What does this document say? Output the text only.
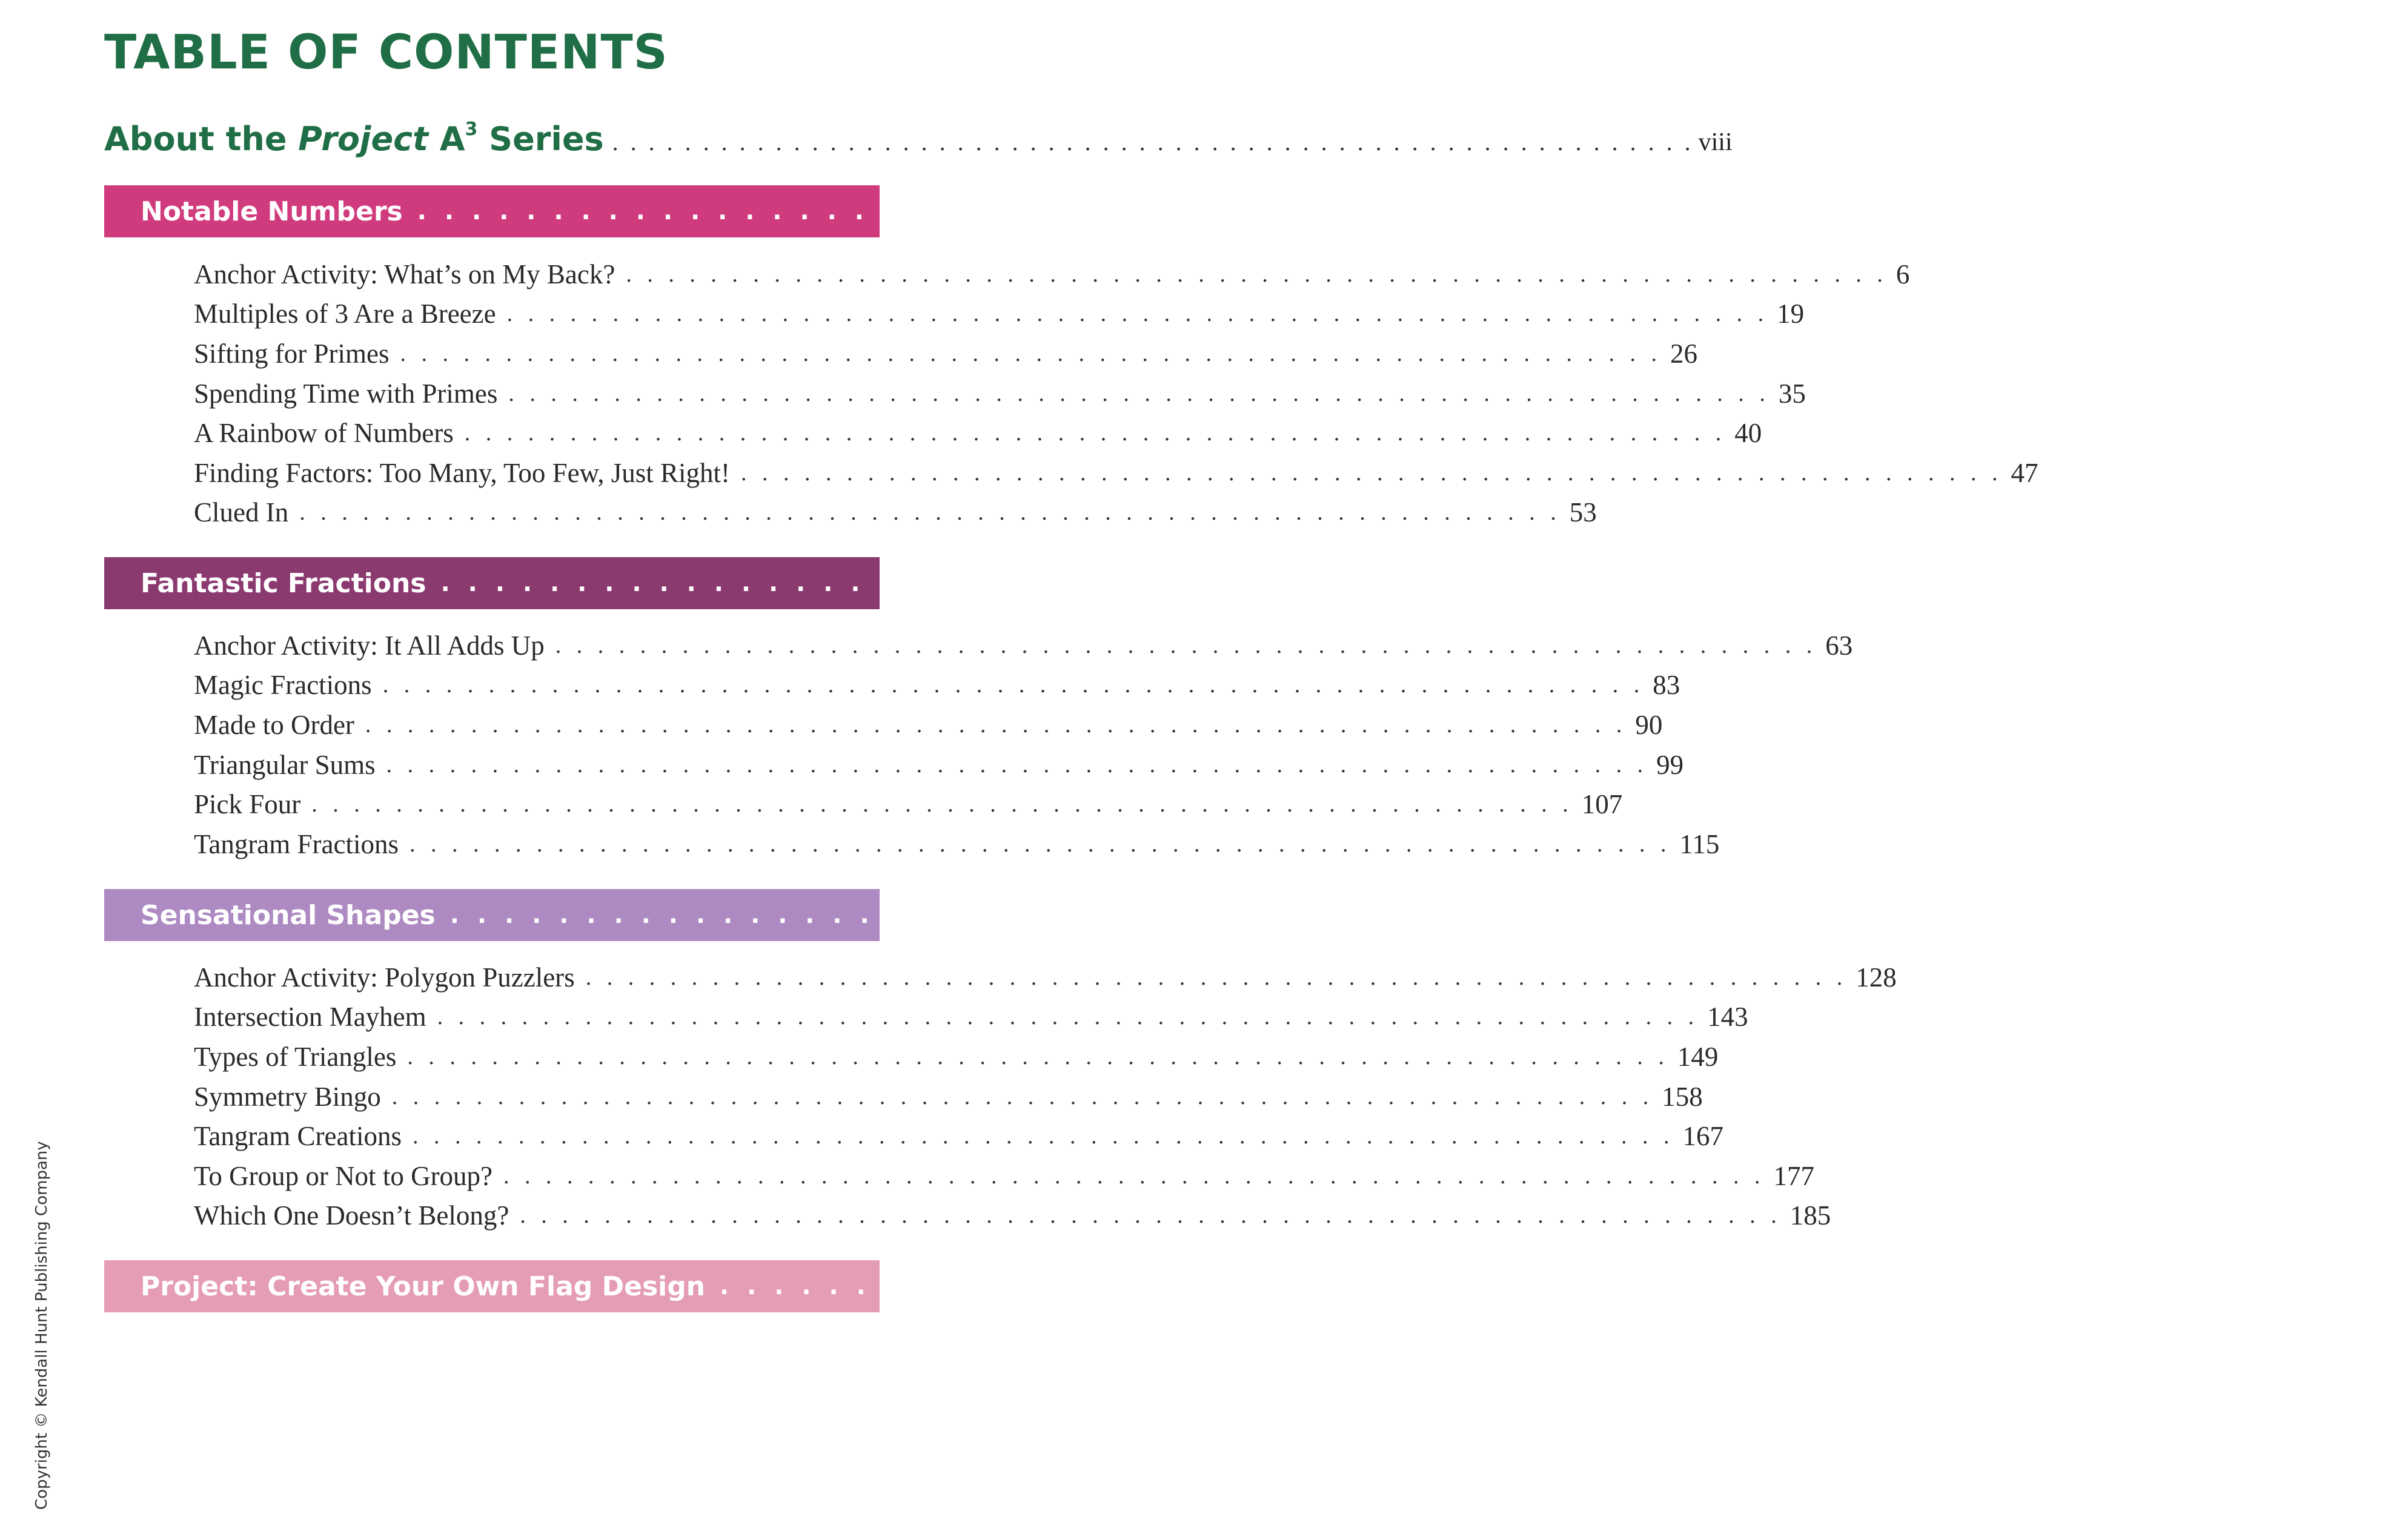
TABLE OF CONTENTS
About the Project $A^3$ Series . . . . . . . . . . . . . . . . . . . . . . . . . . . . . . . . . . . . . . . . . . . . . . . . . . . . . . . . . . . . viii
Notable Numbers . . . . . . . . . . . . . . . . . . . . . . . . . . . . . . . . . . . . . . . . . . . . . . . . . . . . . . . . . . . . 1
Anchor Activity: What’s on My Back? . . . . . . . . . . . . . . . . . . . . . . . . . . . . . . . . . . . . . . . . . . . . . . . . . . . . . . . . . . . . 6
Multiples of 3 Are a Breeze . . . . . . . . . . . . . . . . . . . . . . . . . . . . . . . . . . . . . . . . . . . . . . . . . . . . . . . . . . . . 19
Sifting for Primes . . . . . . . . . . . . . . . . . . . . . . . . . . . . . . . . . . . . . . . . . . . . . . . . . . . . . . . . . . . . 26
Spending Time with Primes . . . . . . . . . . . . . . . . . . . . . . . . . . . . . . . . . . . . . . . . . . . . . . . . . . . . . . . . . . . . 35
A Rainbow of Numbers . . . . . . . . . . . . . . . . . . . . . . . . . . . . . . . . . . . . . . . . . . . . . . . . . . . . . . . . . . . . 40
Finding Factors: Too Many, Too Few, Just Right! . . . . . . . . . . . . . . . . . . . . . . . . . . . . . . . . . . . . . . . . . . . . . . . . . . . . . . . . . . . . 47
Clued In . . . . . . . . . . . . . . . . . . . . . . . . . . . . . . . . . . . . . . . . . . . . . . . . . . . . . . . . . . . . 53
Fantastic Fractions . . . . . . . . . . . . . . . . . . . . . . . . . . . . . . . . . . . . . . . . . . . . . . . . . . . . . . . . . . . . 59
Anchor Activity: It All Adds Up . . . . . . . . . . . . . . . . . . . . . . . . . . . . . . . . . . . . . . . . . . . . . . . . . . . . . . . . . . . . 63
Magic Fractions . . . . . . . . . . . . . . . . . . . . . . . . . . . . . . . . . . . . . . . . . . . . . . . . . . . . . . . . . . . . 83
Made to Order . . . . . . . . . . . . . . . . . . . . . . . . . . . . . . . . . . . . . . . . . . . . . . . . . . . . . . . . . . . . 90
Triangular Sums . . . . . . . . . . . . . . . . . . . . . . . . . . . . . . . . . . . . . . . . . . . . . . . . . . . . . . . . . . . . 99
Pick Four . . . . . . . . . . . . . . . . . . . . . . . . . . . . . . . . . . . . . . . . . . . . . . . . . . . . . . . . . . . . 107
Tangram Fractions . . . . . . . . . . . . . . . . . . . . . . . . . . . . . . . . . . . . . . . . . . . . . . . . . . . . . . . . . . . . 115
Sensational Shapes . . . . . . . . . . . . . . . . . . . . . . . . . . . . . . . . . . . . . . . . . . . . . . . . . . . . . . . . . . . . 123
Anchor Activity: Polygon Puzzlers . . . . . . . . . . . . . . . . . . . . . . . . . . . . . . . . . . . . . . . . . . . . . . . . . . . . . . . . . . . . 128
Intersection Mayhem . . . . . . . . . . . . . . . . . . . . . . . . . . . . . . . . . . . . . . . . . . . . . . . . . . . . . . . . . . . . 143
Types of Triangles . . . . . . . . . . . . . . . . . . . . . . . . . . . . . . . . . . . . . . . . . . . . . . . . . . . . . . . . . . . . 149
Symmetry Bingo . . . . . . . . . . . . . . . . . . . . . . . . . . . . . . . . . . . . . . . . . . . . . . . . . . . . . . . . . . . . 158
Tangram Creations . . . . . . . . . . . . . . . . . . . . . . . . . . . . . . . . . . . . . . . . . . . . . . . . . . . . . . . . . . . . 167
To Group or Not to Group? . . . . . . . . . . . . . . . . . . . . . . . . . . . . . . . . . . . . . . . . . . . . . . . . . . . . . . . . . . . . 177
Which One Doesn’t Belong? . . . . . . . . . . . . . . . . . . . . . . . . . . . . . . . . . . . . . . . . . . . . . . . . . . . . . . . . . . . . 185
Project: Create Your Own Flag Design . . . . . . . . . . . . . . . . . . . . . . . . . . . . . . . . . . . . . . . . . . . . . . . . . . . . . . . . . . . . 193
Copyright © Kendall Hunt Publishing Company
